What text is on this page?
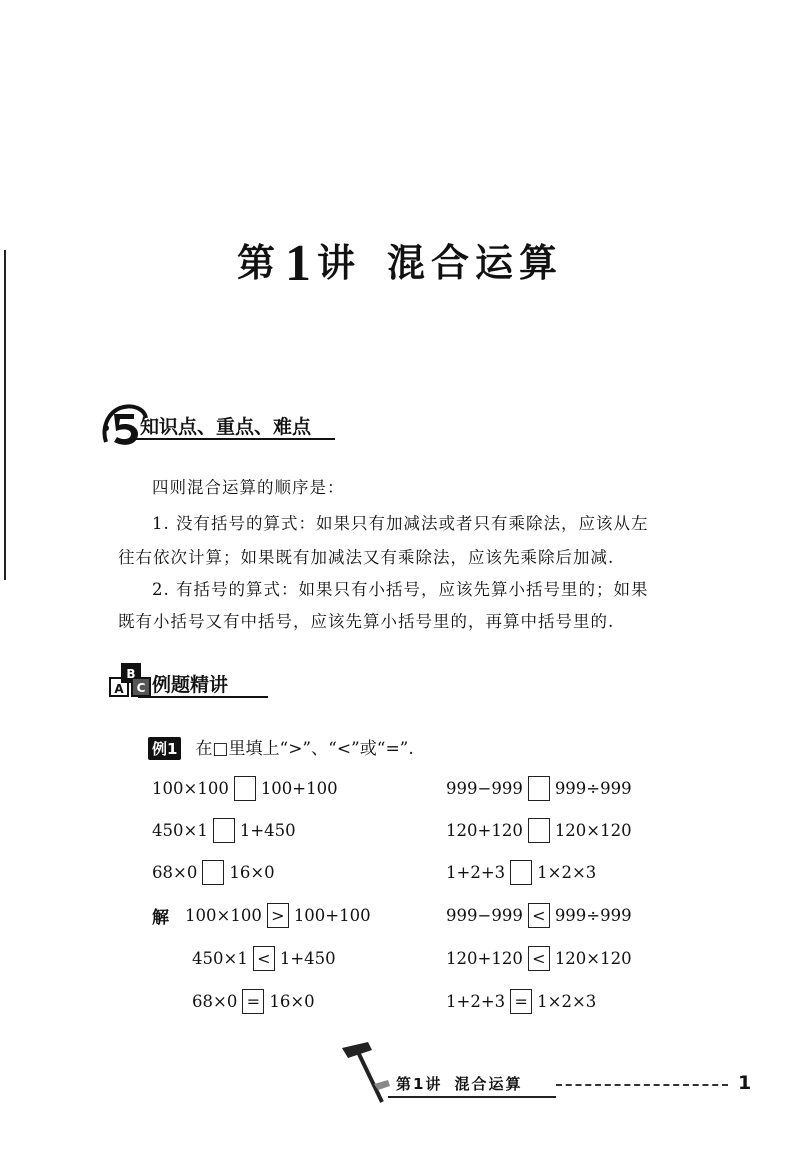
第1 讲 混合运算
知识点、重点、难点
四则混合运算的顺序是：
1. 没有括号的算式：如果只有加减法或者只有乘除法，应该从左
往右依次计算；如果既有加减法又有乘除法，应该先乘除后加减.
2. 有括号的算式：如果只有小括号，应该先算小括号里的；如果
既有小括号又有中括号，应该先算小括号里的，再算中括号里的.
A
B
C 例题精讲
例1 在□里填上“>”、“<”或“=”.
100×100 100+100	999−999 999÷999
450×1 1+450	120+120 120×120
68×0 16×0	1+2+3 1×2×3
解 100×100 > 100+100	999−999 < 999÷999
450×1 < 1+450	120+120 < 120×120
68×0 = 16×0	1+2+3 = 1×2×3
第1讲 混合运算	1
